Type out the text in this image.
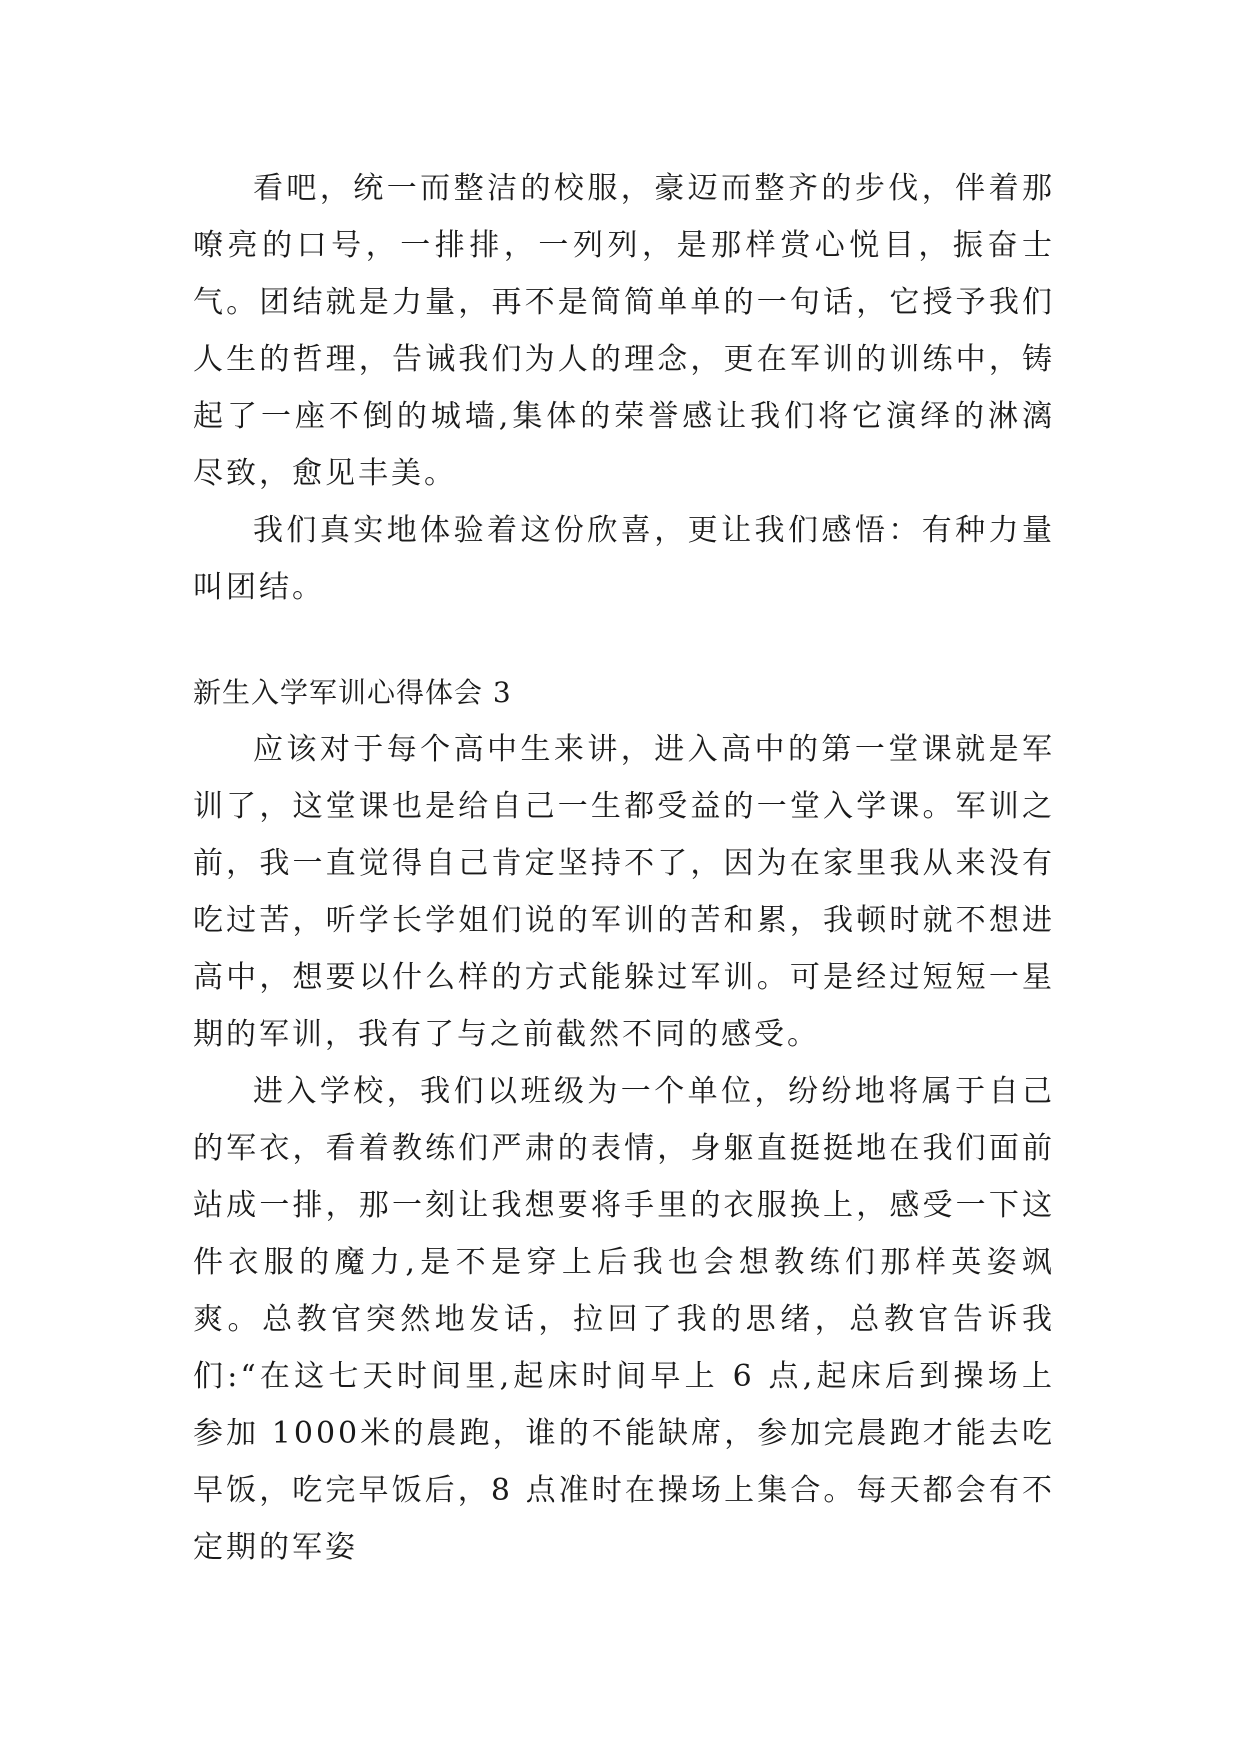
看吧，统一而整洁的校服，豪迈而整齐的步伐，伴着那嘹亮的口号，一排排，一列列，是那样赏心悦目，振奋士气。团结就是力量，再不是简简单单的一句话，它授予我们人生的哲理，告诫我们为人的理念，更在军训的训练中，铸起了一座不倒的城墙,集体的荣誉感让我们将它演绎的淋漓尽致，愈见丰美。

我们真实地体验着这份欣喜，更让我们感悟：有种力量叫团结。

新生入学军训心得体会 3

应该对于每个高中生来讲，进入高中的第一堂课就是军训了，这堂课也是给自己一生都受益的一堂入学课。军训之前，我一直觉得自己肯定坚持不了，因为在家里我从来没有吃过苦，听学长学姐们说的军训的苦和累，我顿时就不想进高中，想要以什么样的方式能躲过军训。可是经过短短一星期的军训，我有了与之前截然不同的感受。

进入学校，我们以班级为一个单位，纷纷地将属于自己的军衣，看着教练们严肃的表情，身躯直挺挺地在我们面前站成一排，那一刻让我想要将手里的衣服换上，感受一下这件衣服的魔力,是不是穿上后我也会想教练们那样英姿飒爽。总教官突然地发话，拉回了我的思绪，总教官告诉我们:“在这七天时间里,起床时间早上 6 点,起床后到操场上参加 1000米的晨跑，谁的不能缺席，参加完晨跑才能去吃早饭，吃完早饭后，8 点准时在操场上集合。每天都会有不定期的军姿
